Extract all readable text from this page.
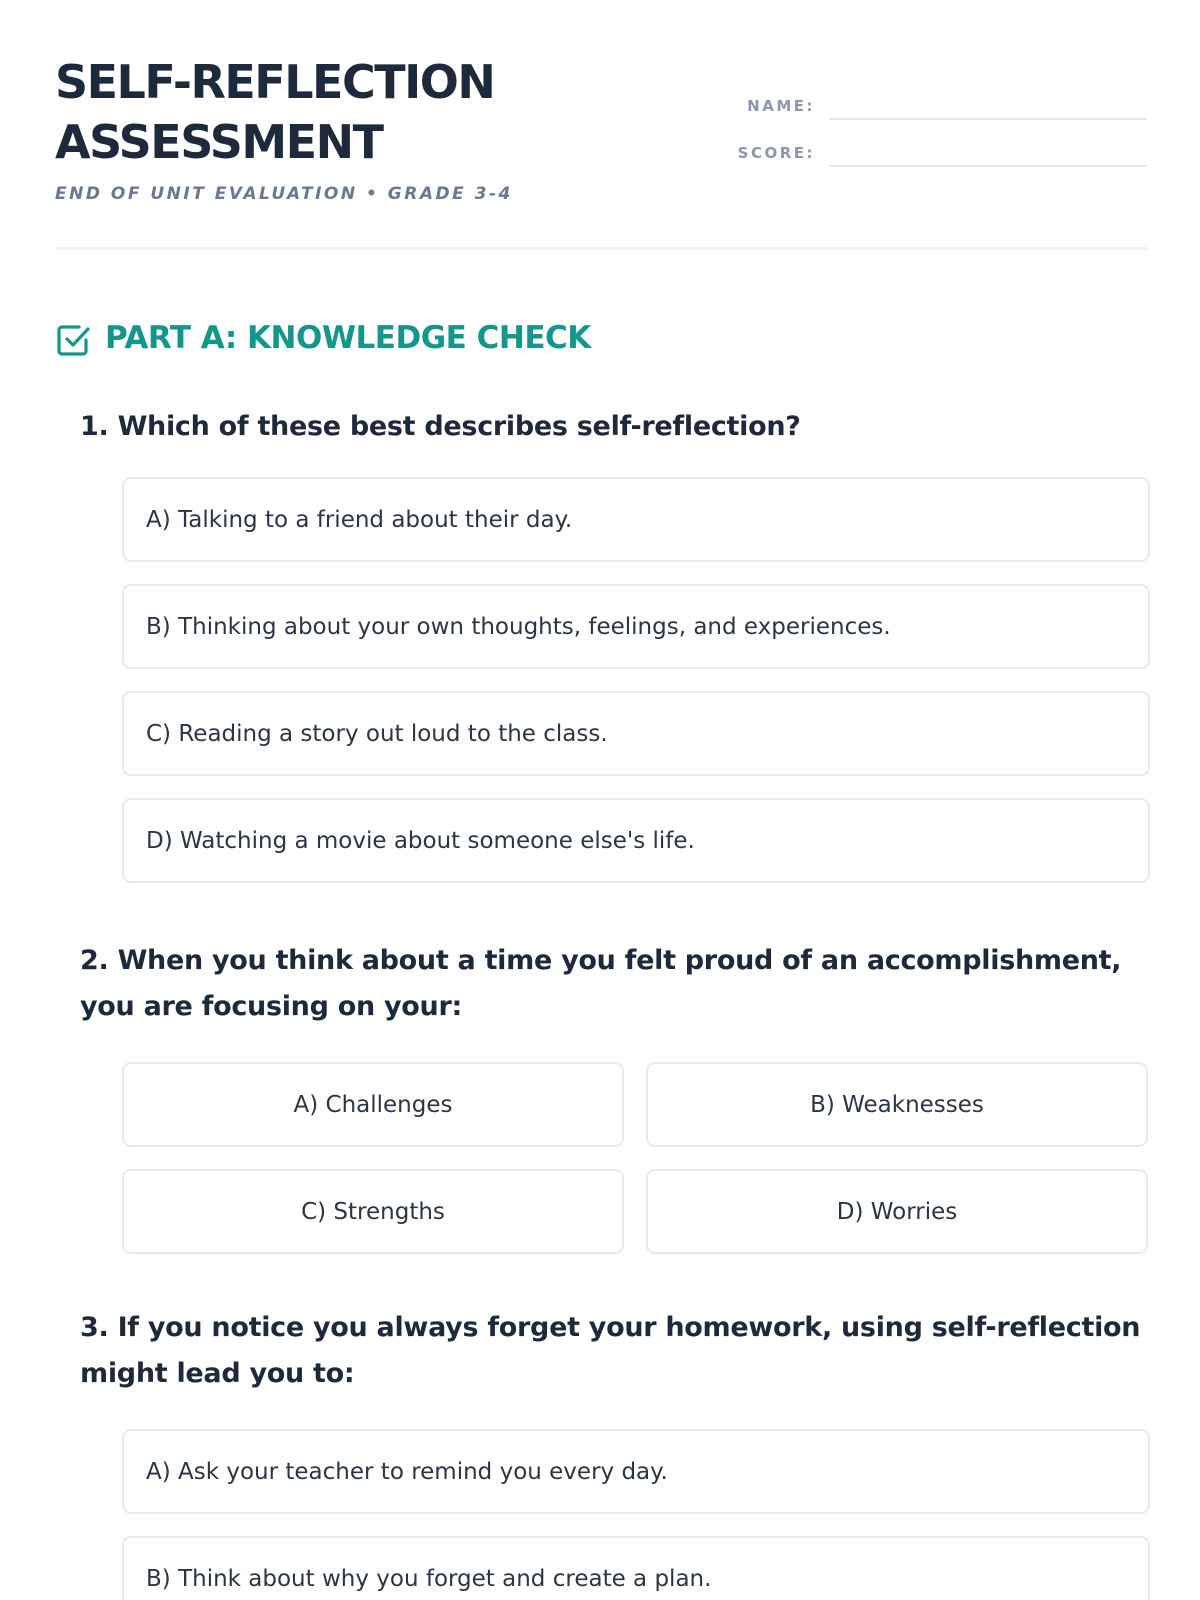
SELF-REFLECTION
ASSESSMENT
END OF UNIT EVALUATION • GRADE 3-4
NAME:
SCORE:
PART A: KNOWLEDGE CHECK

1. Which of these best describes self-reflection?

A) Talking to a friend about their day.
B) Thinking about your own thoughts, feelings, and experiences.
C) Reading a story out loud to the class.
D) Watching a movie about someone else's life.

2. When you think about a time you felt proud of an accomplishment, you are focusing on your:

A) Challenges	B) Weaknesses
C) Strengths	D) Worries

3. If you notice you always forget your homework, using self-reflection might lead you to:

A) Ask your teacher to remind you every day.
B) Think about why you forget and create a plan.
